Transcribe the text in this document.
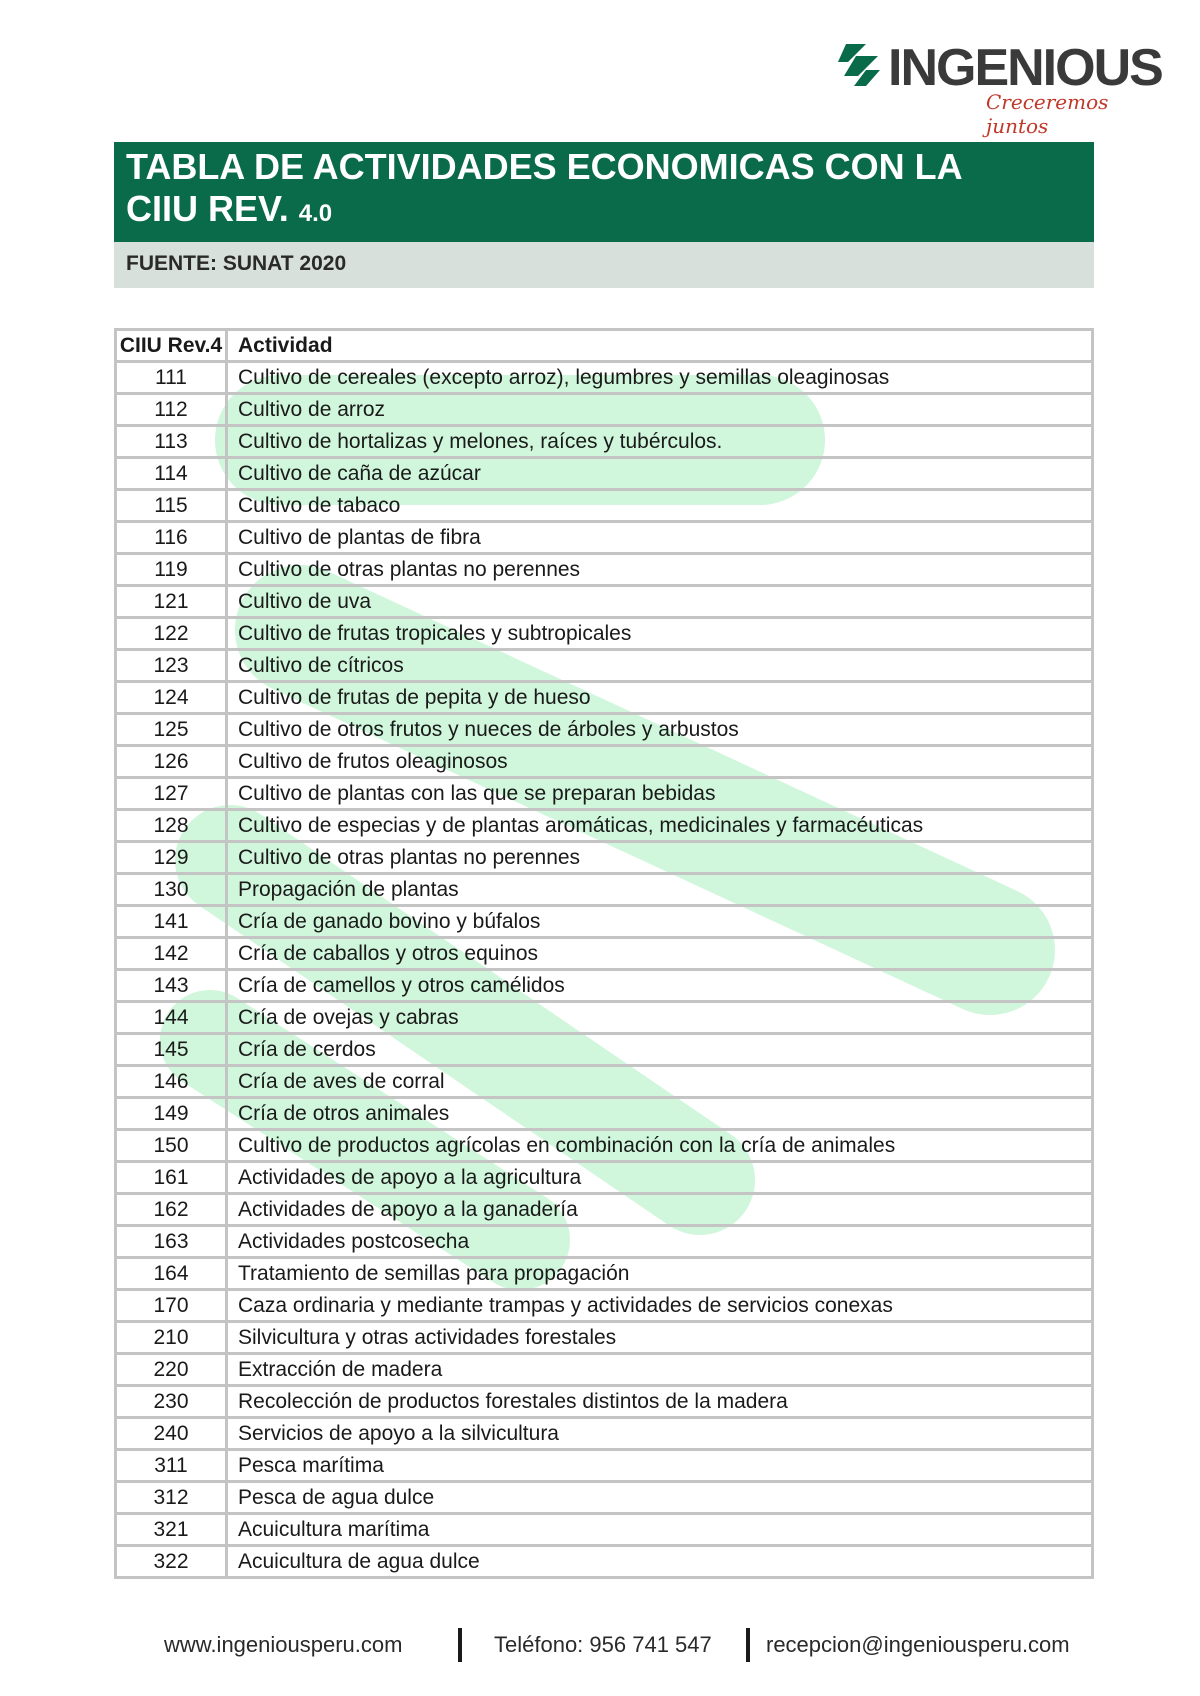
INGENIOUS
Creceremos juntos
TABLA DE ACTIVIDADES ECONOMICAS CON LA
CIIU REV. 4.0
FUENTE: SUNAT 2020
CIIU Rev.4	Actividad
111	Cultivo de cereales (excepto arroz), legumbres y semillas oleaginosas
112	Cultivo de arroz
113	Cultivo de hortalizas y melones, raíces y tubérculos.
114	Cultivo de caña de azúcar
115	Cultivo de tabaco
116	Cultivo de plantas de fibra
119	Cultivo de otras plantas no perennes
121	Cultivo de uva
122	Cultivo de frutas tropicales y subtropicales
123	Cultivo de cítricos
124	Cultivo de frutas de pepita y de hueso
125	Cultivo de otros frutos y nueces de árboles y arbustos
126	Cultivo de frutos oleaginosos
127	Cultivo de plantas con las que se preparan bebidas
128	Cultivo de especias y de plantas aromáticas, medicinales y farmacéuticas
129	Cultivo de otras plantas no perennes
130	Propagación de plantas
141	Cría de ganado bovino y búfalos
142	Cría de caballos y otros equinos
143	Cría de camellos y otros camélidos
144	Cría de ovejas y cabras
145	Cría de cerdos
146	Cría de aves de corral
149	Cría de otros animales
150	Cultivo de productos agrícolas en combinación con la cría de animales
161	Actividades de apoyo a la agricultura
162	Actividades de apoyo a la ganadería
163	Actividades postcosecha
164	Tratamiento de semillas para propagación
170	Caza ordinaria y mediante trampas y actividades de servicios conexas
210	Silvicultura y otras actividades forestales
220	Extracción de madera
230	Recolección de productos forestales distintos de la madera
240	Servicios de apoyo a la silvicultura
311	Pesca marítima
312	Pesca de agua dulce
321	Acuicultura marítima
322	Acuicultura de agua dulce
www.ingeniousperu.com	Teléfono: 956 741 547 recepcion@ingeniousperu.com
